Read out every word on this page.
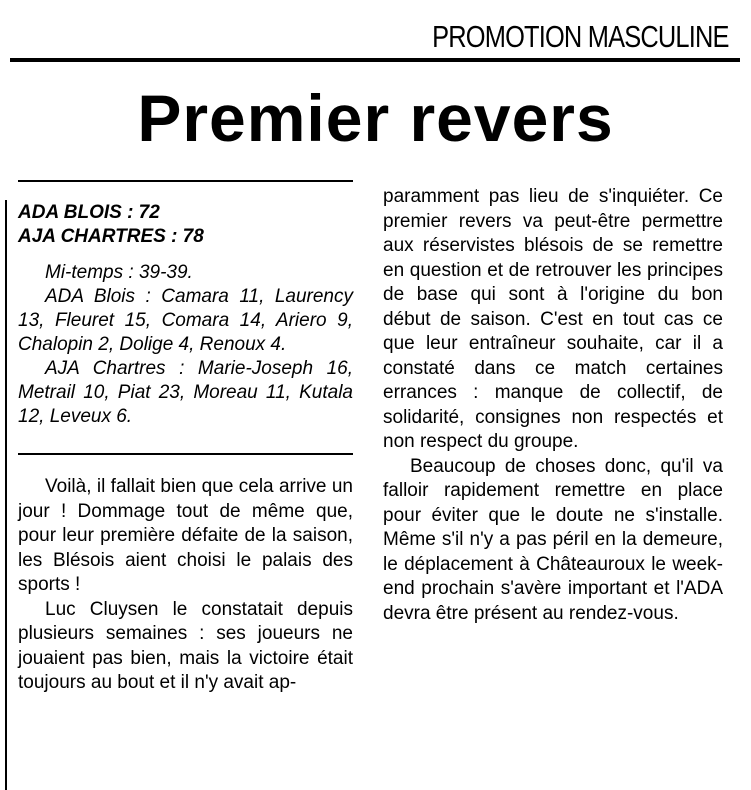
PROMOTION MASCULINE
Premier revers
ADA BLOIS : 72
AJA CHARTRES : 78

Mi-temps : 39-39.

ADA Blois : Camara 11, Laurency 13, Fleuret 15, Comara 14, Ariero 9, Chalopin 2, Dolige 4, Renoux 4.

AJA Chartres : Marie-Joseph 16, Metrail 10, Piat 23, Moreau 11, Kutala 12, Leveux 6.

Voilà, il fallait bien que cela arrive un jour ! Dommage tout de même que, pour leur première défaite de la saison, les Blésois aient choisi le palais des sports !

Luc Cluysen le constatait depuis plusieurs semaines : ses joueurs ne jouaient pas bien, mais la victoire était toujours au bout et il n'y avait ap-

paramment pas lieu de s'inquiéter. Ce premier revers va peut-être permettre aux réservistes blésois de se remettre en question et de retrouver les principes de base qui sont à l'origine du bon début de saison. C'est en tout cas ce que leur entraîneur souhaite, car il a constaté dans ce match certaines errances : manque de collectif, de solidarité, consignes non respectés et non respect du groupe.

Beaucoup de choses donc, qu'il va falloir rapidement remettre en place pour éviter que le doute ne s'installe. Même s'il n'y a pas péril en la demeure, le déplacement à Châteauroux le week-end prochain s'avère important et l'ADA devra être présent au rendez-vous.
